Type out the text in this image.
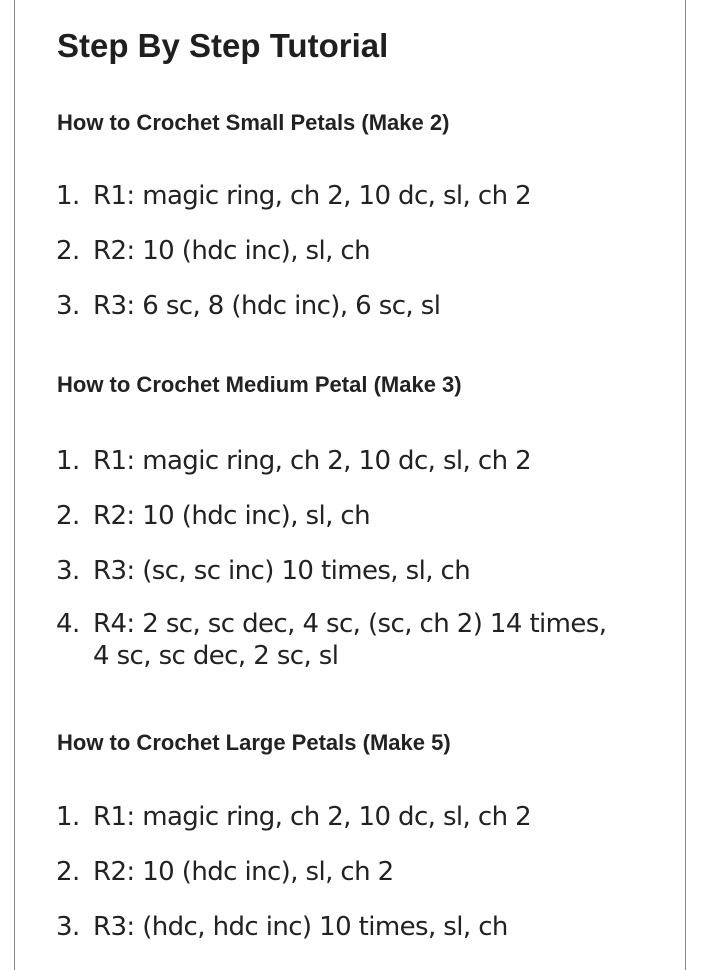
Step By Step Tutorial
How to Crochet Small Petals (Make 2)
1. R1: magic ring, ch 2, 10 dc, sl, ch 2
2. R2: 10 (hdc inc), sl, ch
3. R3: 6 sc, 8 (hdc inc), 6 sc, sl
How to Crochet Medium Petal (Make 3)
1. R1: magic ring, ch 2, 10 dc, sl, ch 2
2. R2: 10 (hdc inc), sl, ch
3. R3: (sc, sc inc) 10 times, sl, ch
4. R4: 2 sc, sc dec, 4 sc, (sc, ch 2) 14 times,
4 sc, sc dec, 2 sc, sl
How to Crochet Large Petals (Make 5)
1. R1: magic ring, ch 2, 10 dc, sl, ch 2
2. R2: 10 (hdc inc), sl, ch 2
3. R3: (hdc, hdc inc) 10 times, sl, ch
